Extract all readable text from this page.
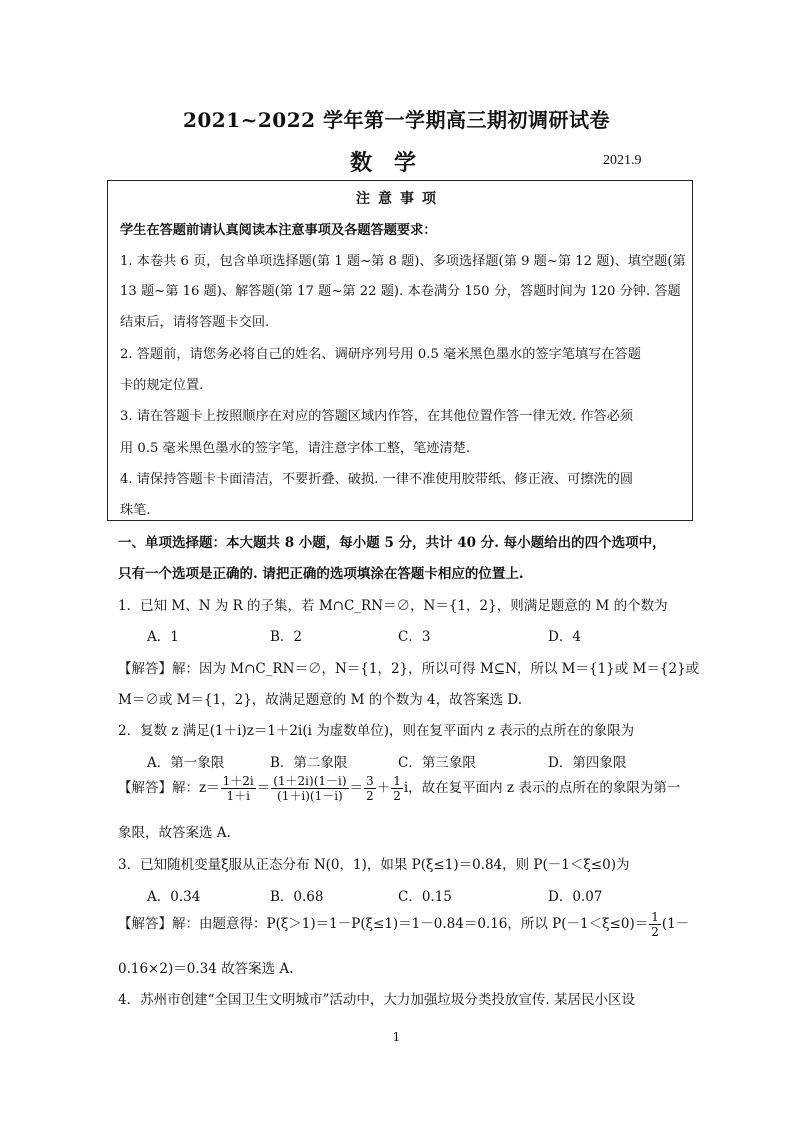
2021~2022 学年第一学期高三期初调研试卷
数学	2021.9
注意事项
学生在答题前请认真阅读本注意事项及各题答题要求：
1. 本卷共 6 页，包含单项选择题(第 1 题~第 8 题)、多项选择题(第 9 题~第 12 题)、填空题(第
13 题~第 16 题)、解答题(第 17 题~第 22 题). 本卷满分 150 分，答题时间为 120 分钟. 答题
结束后，请将答题卡交回.
2. 答题前，请您务必将自己的姓名、调研序列号用 0.5 毫米黑色墨水的签字笔填写在答题
卡的规定位置.
3. 请在答题卡上按照顺序在对应的答题区域内作答，在其他位置作答一律无效. 作答必须
用 0.5 毫米黑色墨水的签字笔，请注意字体工整，笔迹清楚.
4. 请保持答题卡卡面清洁，不要折叠、破损. 一律不准使用胶带纸、修正液、可擦洗的圆
珠笔.
一、单项选择题：本大题共 8 小题，每小题 5 分，共计 40 分. 每小题给出的四个选项中，
只有一个选项是正确的. 请把正确的选项填涂在答题卡相应的位置上.
1．已知 M、N 为 R 的子集，若 M∩C_RN＝∅，N＝{1，2}，则满足题意的 M 的个数为
A．1	B．2	C．3	D．4
【解答】解：因为 M∩C_RN＝∅，N＝{1，2}，所以可得 M⊆N，所以 M＝{1}或 M＝{2}或
M＝∅或 M＝{1，2}，故满足题意的 M 的个数为 4，故答案选 D.
2．复数 z 满足(1＋i)z＝1＋2i(i 为虚数单位)，则在复平面内 z 表示的点所在的象限为
A．第一象限	B．第二象限	C．第三象限	D．第四象限
【解答】解：$z= \frac{1+2i}{1+i} = \frac{(1+2i)(1-i)}{(1+i)(1-i)} = \frac{3}{2} + \frac{1}{2}$ i，故在复平面内 z 表示的点所在的象限为第一
象限，故答案选 A.
3．已知随机变量ξ服从正态分布 N(0，1)，如果 P(ξ≤1)＝0.84，则 P(－1＜ξ≤0)为
A．0.34	B．0.68	C．0.15	D．0.07
【解答】解：由题意得：P(ξ＞1)＝1－P(ξ≤1)＝1－0.84＝0.16，所以 $P(-1<\xi\le 0)= \frac{1}{2} (1-$
0.16×2)＝0.34 故答案选 A.
4．苏州市创建“全国卫生文明城市”活动中，大力加强垃圾分类投放宣传. 某居民小区设
1
